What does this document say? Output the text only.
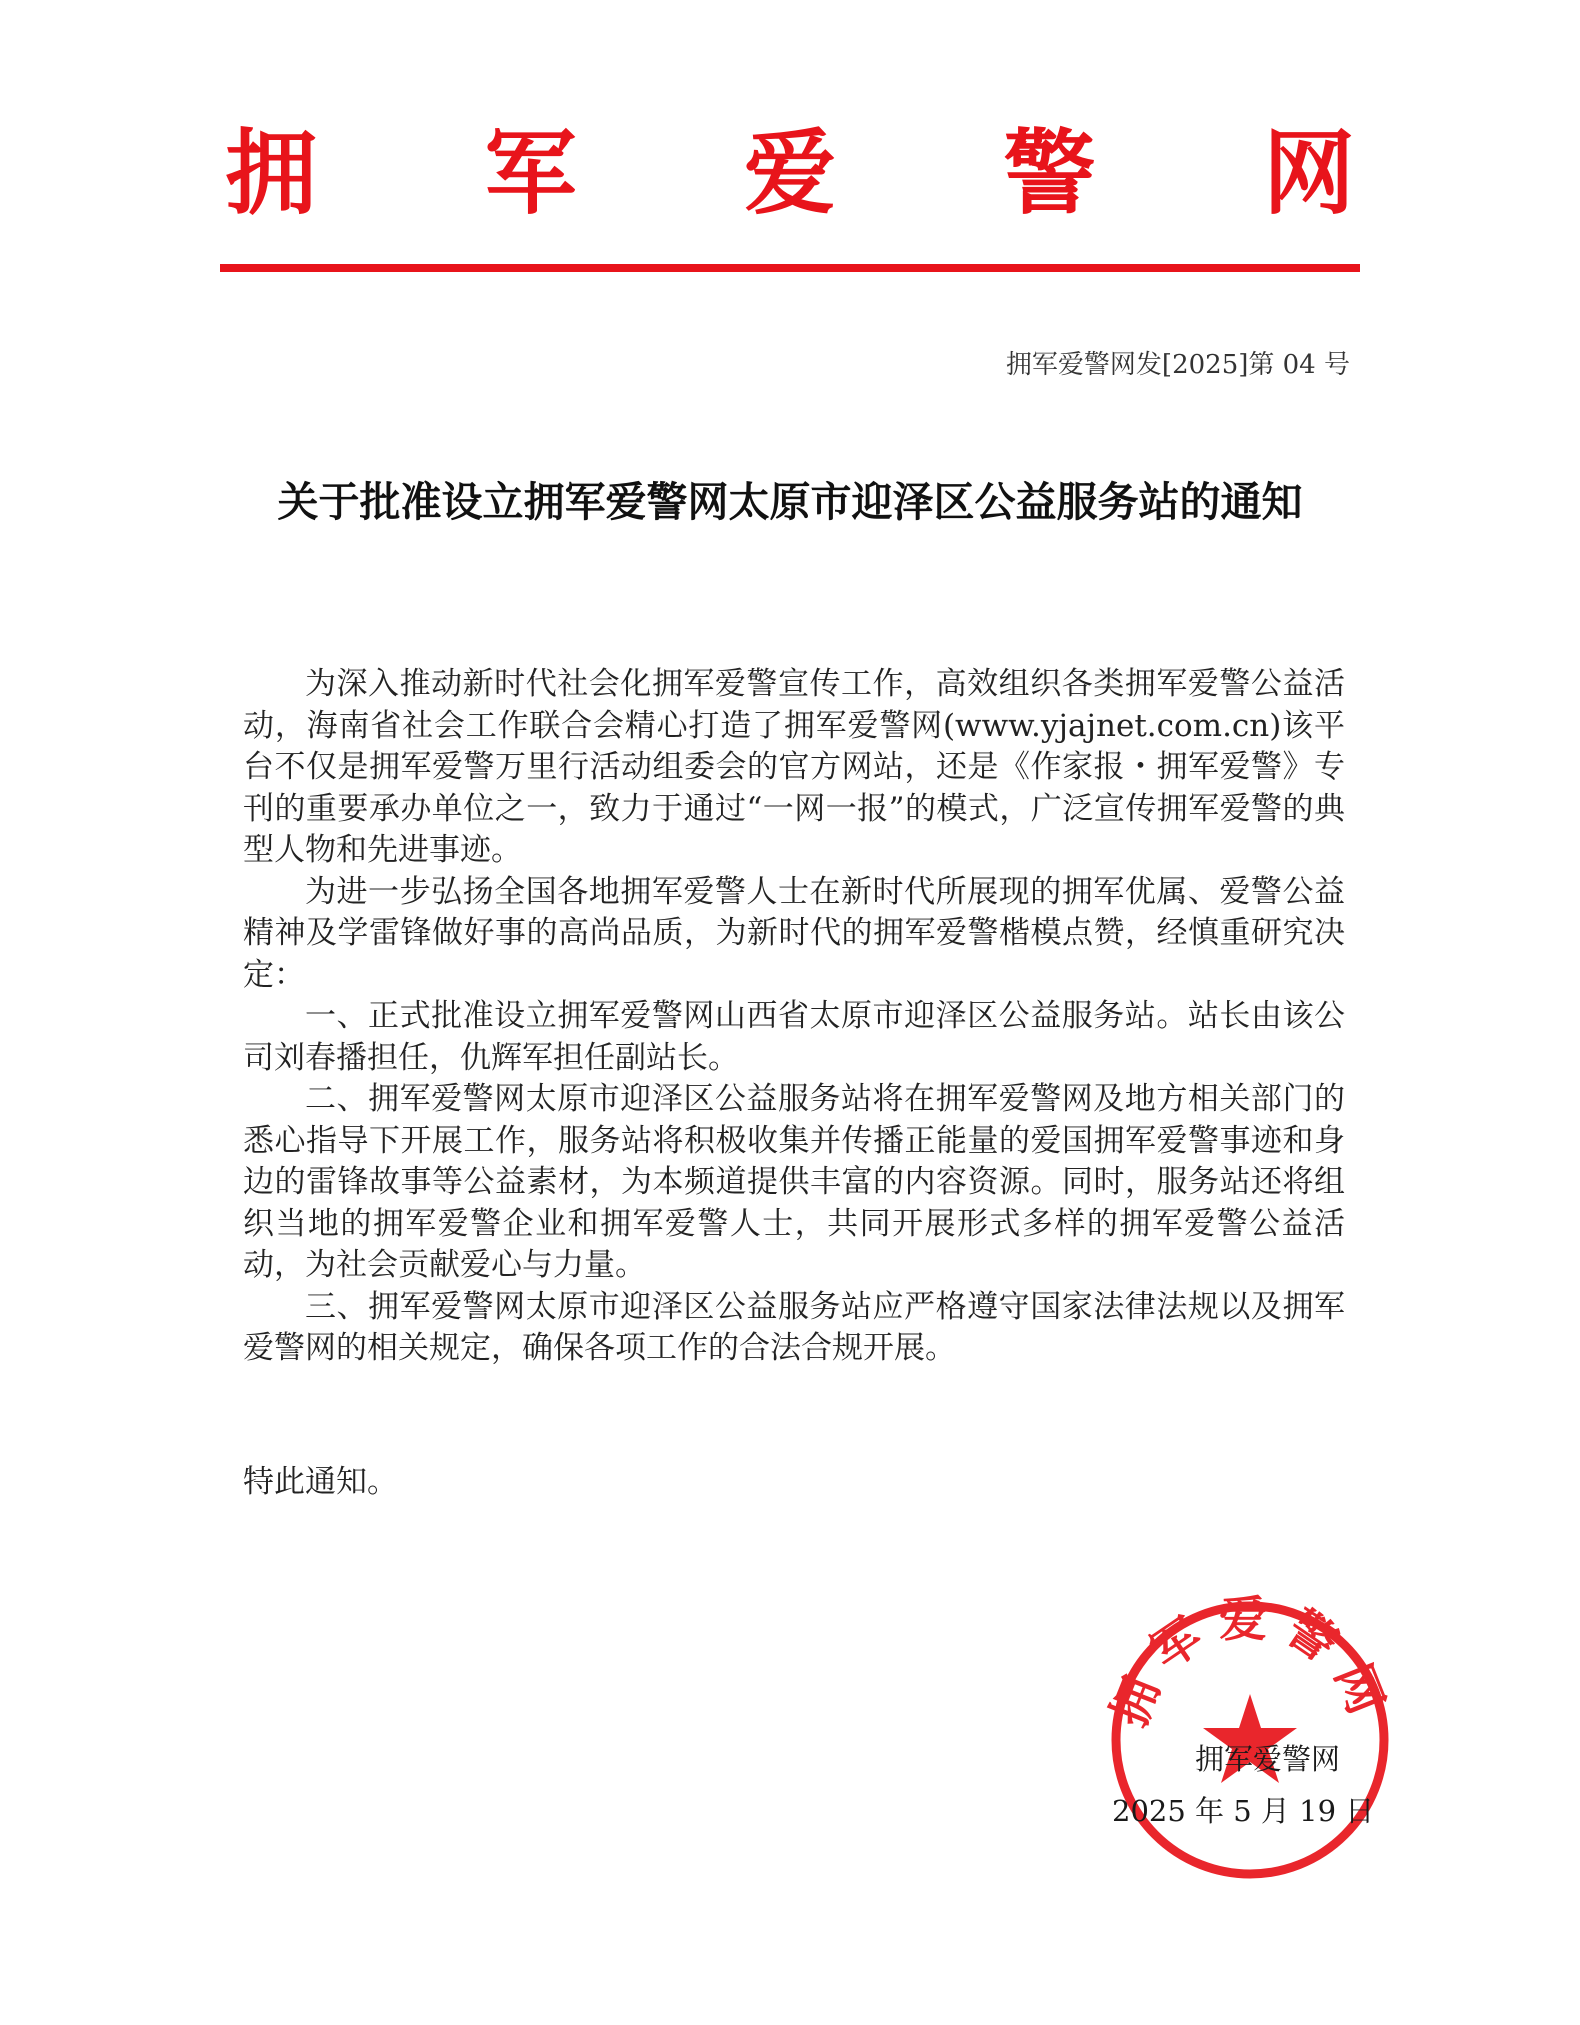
拥 军 爱 警 网
拥军爱警网发[2025]第 04 号
关于批准设立拥军爱警网太原市迎泽区公益服务站的通知

为深入推动新时代社会化拥军爱警宣传工作，高效组织各类拥军爱警公益活动，海南省社会工作联合会精心打造了拥军爱警网(www.yjajnet.com.cn)该平台不仅是拥军爱警万里行活动组委会的官方网站，还是《作家报・拥军爱警》专刊的重要承办单位之一，致力于通过“一网一报”的模式，广泛宣传拥军爱警的典型人物和先进事迹。

为进一步弘扬全国各地拥军爱警人士在新时代所展现的拥军优属、爱警公益精神及学雷锋做好事的高尚品质，为新时代的拥军爱警楷模点赞，经慎重研究决定：

一、正式批准设立拥军爱警网山西省太原市迎泽区公益服务站。站长由该公司刘春播担任，仇辉军担任副站长。

二、拥军爱警网太原市迎泽区公益服务站将在拥军爱警网及地方相关部门的悉心指导下开展工作，服务站将积极收集并传播正能量的爱国拥军爱警事迹和身边的雷锋故事等公益素材，为本频道提供丰富的内容资源。同时，服务站还将组织当地的拥军爱警企业和拥军爱警人士，共同开展形式多样的拥军爱警公益活动，为社会贡献爱心与力量。

三、拥军爱警网太原市迎泽区公益服务站应严格遵守国家法律法规以及拥军爱警网的相关规定，确保各项工作的合法合规开展。

特此通知。

拥军爱警网
拥军爱警网
2025 年 5 月 19 日
